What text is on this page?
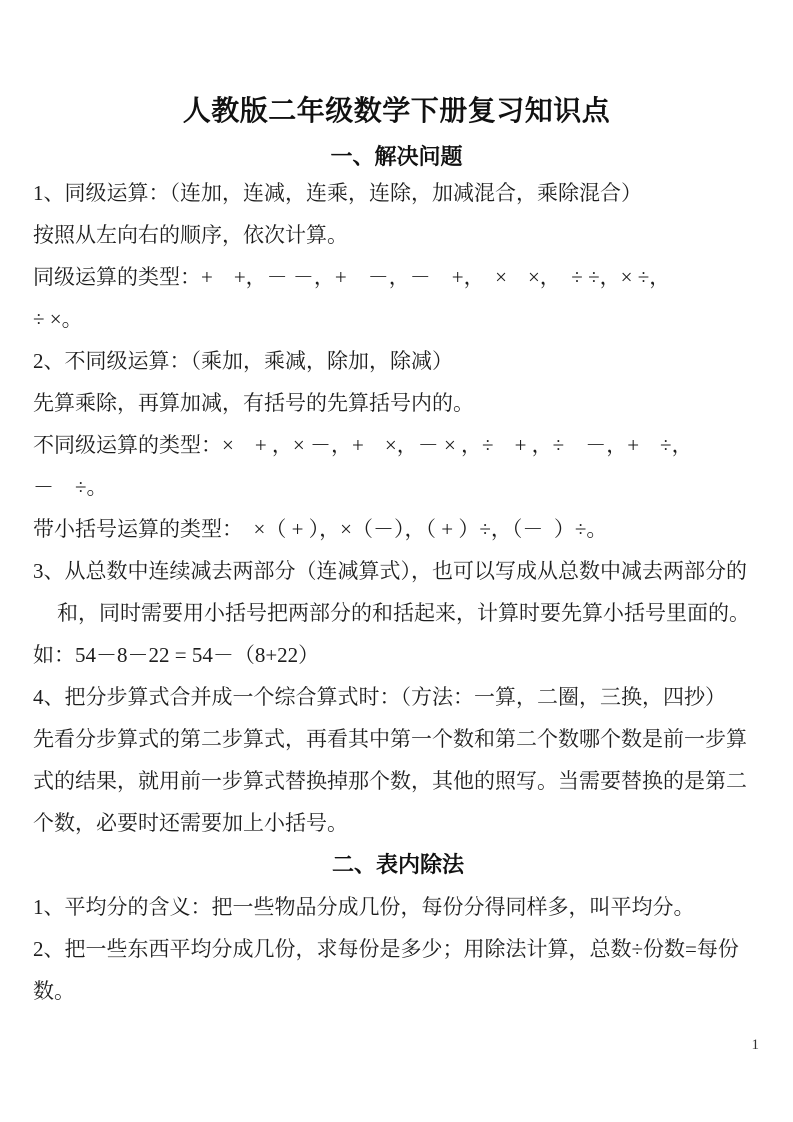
人教版二年级数学下册复习知识点
一、解决问题

1、同级运算：（连加，连减，连乘，连除，加减混合，乘除混合）

按照从左向右的顺序，依次计算。

同级运算的类型：+　+，－ －，+　－，－　+，　×　×，　÷ ÷，× ÷，

÷ ×。

2、不同级运算：（乘加，乘减，除加，除减）

先算乘除，再算加减，有括号的先算括号内的。

不同级运算的类型：×　+ ，× －，+　×，－ × ，÷　+ ，÷　－，+　÷，

－　÷。

带小括号运算的类型：　×（ + ），×（－），（ + ）÷，（－  ）÷。

3、从总数中连续减去两部分（连减算式），也可以写成从总数中减去两部分的

和，同时需要用小括号把两部分的和括起来，计算时要先算小括号里面的。

如：54－8－22 = 54－（8+22）

4、把分步算式合并成一个综合算式时：（方法：一算，二圈，三换，四抄）

先看分步算式的第二步算式，再看其中第一个数和第二个数哪个数是前一步算

式的结果，就用前一步算式替换掉那个数，其他的照写。当需要替换的是第二

个数，必要时还需要加上小括号。

二、表内除法

1、平均分的含义：把一些物品分成几份，每份分得同样多，叫平均分。

2、把一些东西平均分成几份，求每份是多少；用除法计算，总数÷份数=每份

数。

1
